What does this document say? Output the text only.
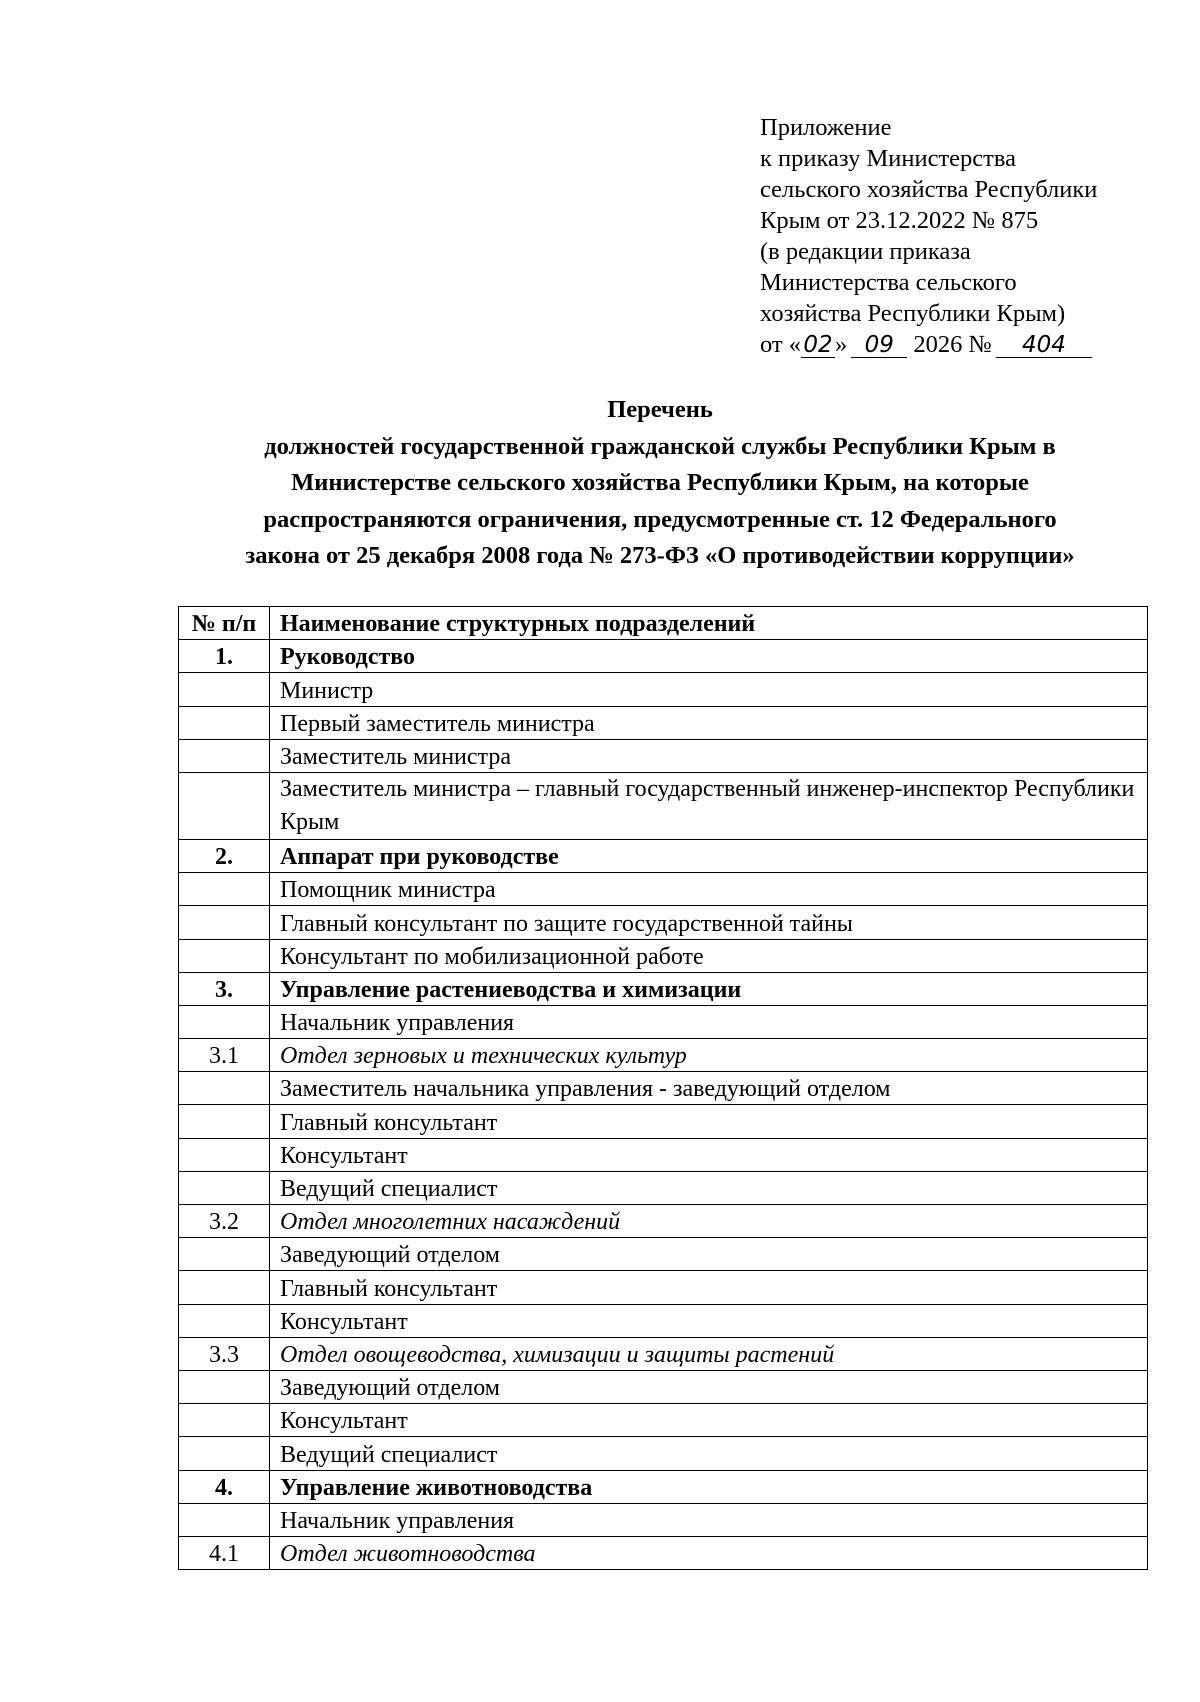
Приложение
к приказу Министерства
сельского хозяйства Республики
Крым от 23.12.2022 № 875
(в редакции приказа
Министерства сельского
хозяйства Республики Крым)
от « 02» 09 2026 № 404
Перечень
должностей государственной гражданской службы Республики Крым в
Министерстве сельского хозяйства Республики Крым, на которые
распространяются ограничения, предусмотренные ст. 12 Федерального
закона от 25 декабря 2008 года № 273-ФЗ «О противодействии коррупции»
№ п/п	Наименование структурных подразделений
1.	Руководство
	Министр
	Первый заместитель министра
	Заместитель министра
	Заместитель министра – главный государственный инженер-инспектор Республики Крым
2.	Аппарат при руководстве
	Помощник министра
	Главный консультант по защите государственной тайны
	Консультант по мобилизационной работе
3.	Управление растениеводства и химизации
	Начальник управления
3.1	Отдел зерновых и технических культур
	Заместитель начальника управления - заведующий отделом
	Главный консультант
	Консультант
	Ведущий специалист
3.2	Отдел многолетних насаждений
	Заведующий отделом
	Главный консультант
	Консультант
3.3	Отдел овощеводства, химизации и защиты растений
	Заведующий отделом
	Консультант
	Ведущий специалист
4.	Управление животноводства
	Начальник управления
4.1	Отдел животноводства
